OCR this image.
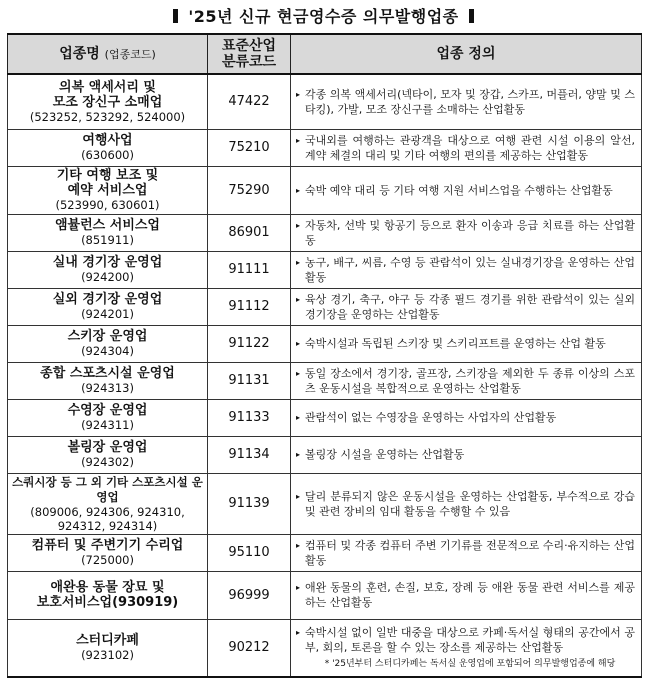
'25년 신규 현금영수증 의무발행업종
업종명 (업종코드)	표준산업
분류코드	업종 정의

의복 액세서리 및
모조 장신구 소매업
(523252, 523292, 524000)	47422	▸ 각종 의복 액세서리(넥타이, 모자 및 장갑, 스카프, 머플러, 양말 및 스타킹), 가발, 모조 장신구를 소매하는 산업활동

여행사업
(630600)	75210	▸ 국내외를 여행하는 관광객을 대상으로 여행 관련 시설 이용의 알선, 계약 체결의 대리 및 기타 여행의 편의를 제공하는 산업활동

기타 여행 보조 및
예약 서비스업
(523990, 630601)	75290	▸ 숙박 예약 대리 등 기타 여행 지원 서비스업을 수행하는 산업활동

앰뷸런스 서비스업
(851911)	86901	▸ 자동차, 선박 및 항공기 등으로 환자 이송과 응급 치료를 하는 산업활동

실내 경기장 운영업
(924200)	91111	▸ 농구, 배구, 씨름, 수영 등 관람석이 있는 실내경기장을 운영하는 산업활동

실외 경기장 운영업
(924201)	91112	▸ 육상 경기, 축구, 야구 등 각종 필드 경기를 위한 관람석이 있는 실외 경기장을 운영하는 산업활동

스키장 운영업
(924304)	91122	▸ 숙박시설과 독립된 스키장 및 스키리프트를 운영하는 산업 활동

종합 스포츠시설 운영업
(924313)	91131	▸ 동일 장소에서 경기장, 골프장, 스키장을 제외한 두 종류 이상의 스포츠 운동시설을 복합적으로 운영하는 산업활동

수영장 운영업
(924311)	91133	▸ 관람석이 없는 수영장을 운영하는 사업자의 산업활동

볼링장 운영업
(924302)	91134	▸ 볼링장 시설을 운영하는 산업활동

스쿼시장 등 그 외 기타 스포츠시설 운영업
(809006, 924306, 924310,
924312, 924314)	91139	▸ 달리 분류되지 않은 운동시설을 운영하는 산업활동, 부수적으로 강습 및 관련 장비의 임대 활동을 수행할 수 있음

컴퓨터 및 주변기기 수리업
(725000)	95110	▸ 컴퓨터 및 각종 컴퓨터 주변 기기류를 전문적으로 수리·유지하는 산업활동

애완용 동물 장묘 및
보호서비스업(930919)	96999	▸ 애완 동물의 훈련, 손질, 보호, 장례 등 애완 동물 관련 서비스를 제공하는 산업활동

스터디카페
(923102)	90212	▸ 숙박시설 없이 일반 대중을 대상으로 카페·독서실 형태의 공간에서 공부, 회의, 토론을 할 수 있는 장소를 제공하는 산업활동
* '25년부터 스터디카페는 독서실 운영업에 포함되어 의무발행업종에 해당
